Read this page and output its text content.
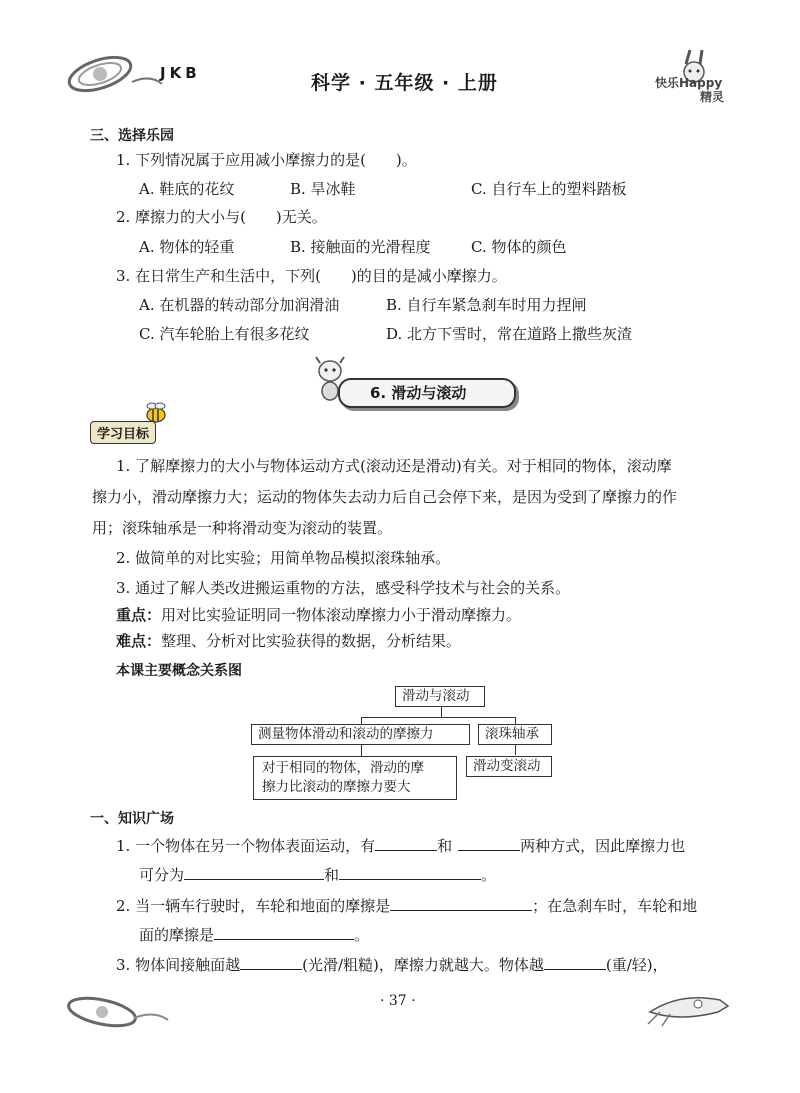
JKB	科学 · 五年级 · 上册	快乐Happy
精灵
三、选择乐园
1. 下列情况属于应用减小摩擦力的是(　　)。
A. 鞋底的花纹	B. 旱冰鞋	C. 自行车上的塑料踏板
2. 摩擦力的大小与(　　)无关。
A. 物体的轻重	B. 接触面的光滑程度	C. 物体的颜色
3. 在日常生产和生活中，下列(　　)的目的是减小摩擦力。
A. 在机器的转动部分加润滑油	B. 自行车紧急刹车时用力捏闸
C. 汽车轮胎上有很多花纹	D. 北方下雪时，常在道路上撒些灰渣
6. 滑动与滚动
学习目标
1. 了解摩擦力的大小与物体运动方式(滚动还是滑动)有关。对于相同的物体，滚动摩
擦力小，滑动摩擦力大；运动的物体失去动力后自己会停下来，是因为受到了摩擦力的作
用；滚珠轴承是一种将滑动变为滚动的装置。
2. 做简单的对比实验；用简单物品模拟滚珠轴承。
3. 通过了解人类改进搬运重物的方法，感受科学技术与社会的关系。
重点：用对比实验证明同一物体滚动摩擦力小于滑动摩擦力。
难点：整理、分析对比实验获得的数据，分析结果。
本课主要概念关系图
滑动与滚动
测量物体滑动和滚动的摩擦力	滚珠轴承
对于相同的物体，滑动的摩
擦力比滚动的摩擦力要大
滑动变滚动
一、知识广场
1. 一个物体在另一个物体表面运动，有	和	两种方式，因此摩擦力也
可分为	和	。
2. 当一辆车行驶时，车轮和地面的摩擦是	；在急刹车时，车轮和地
面的摩擦是	。
3. 物体间接触面越	(光滑/粗糙)，摩擦力就越大。物体越	(重/轻)，
· 37 ·
